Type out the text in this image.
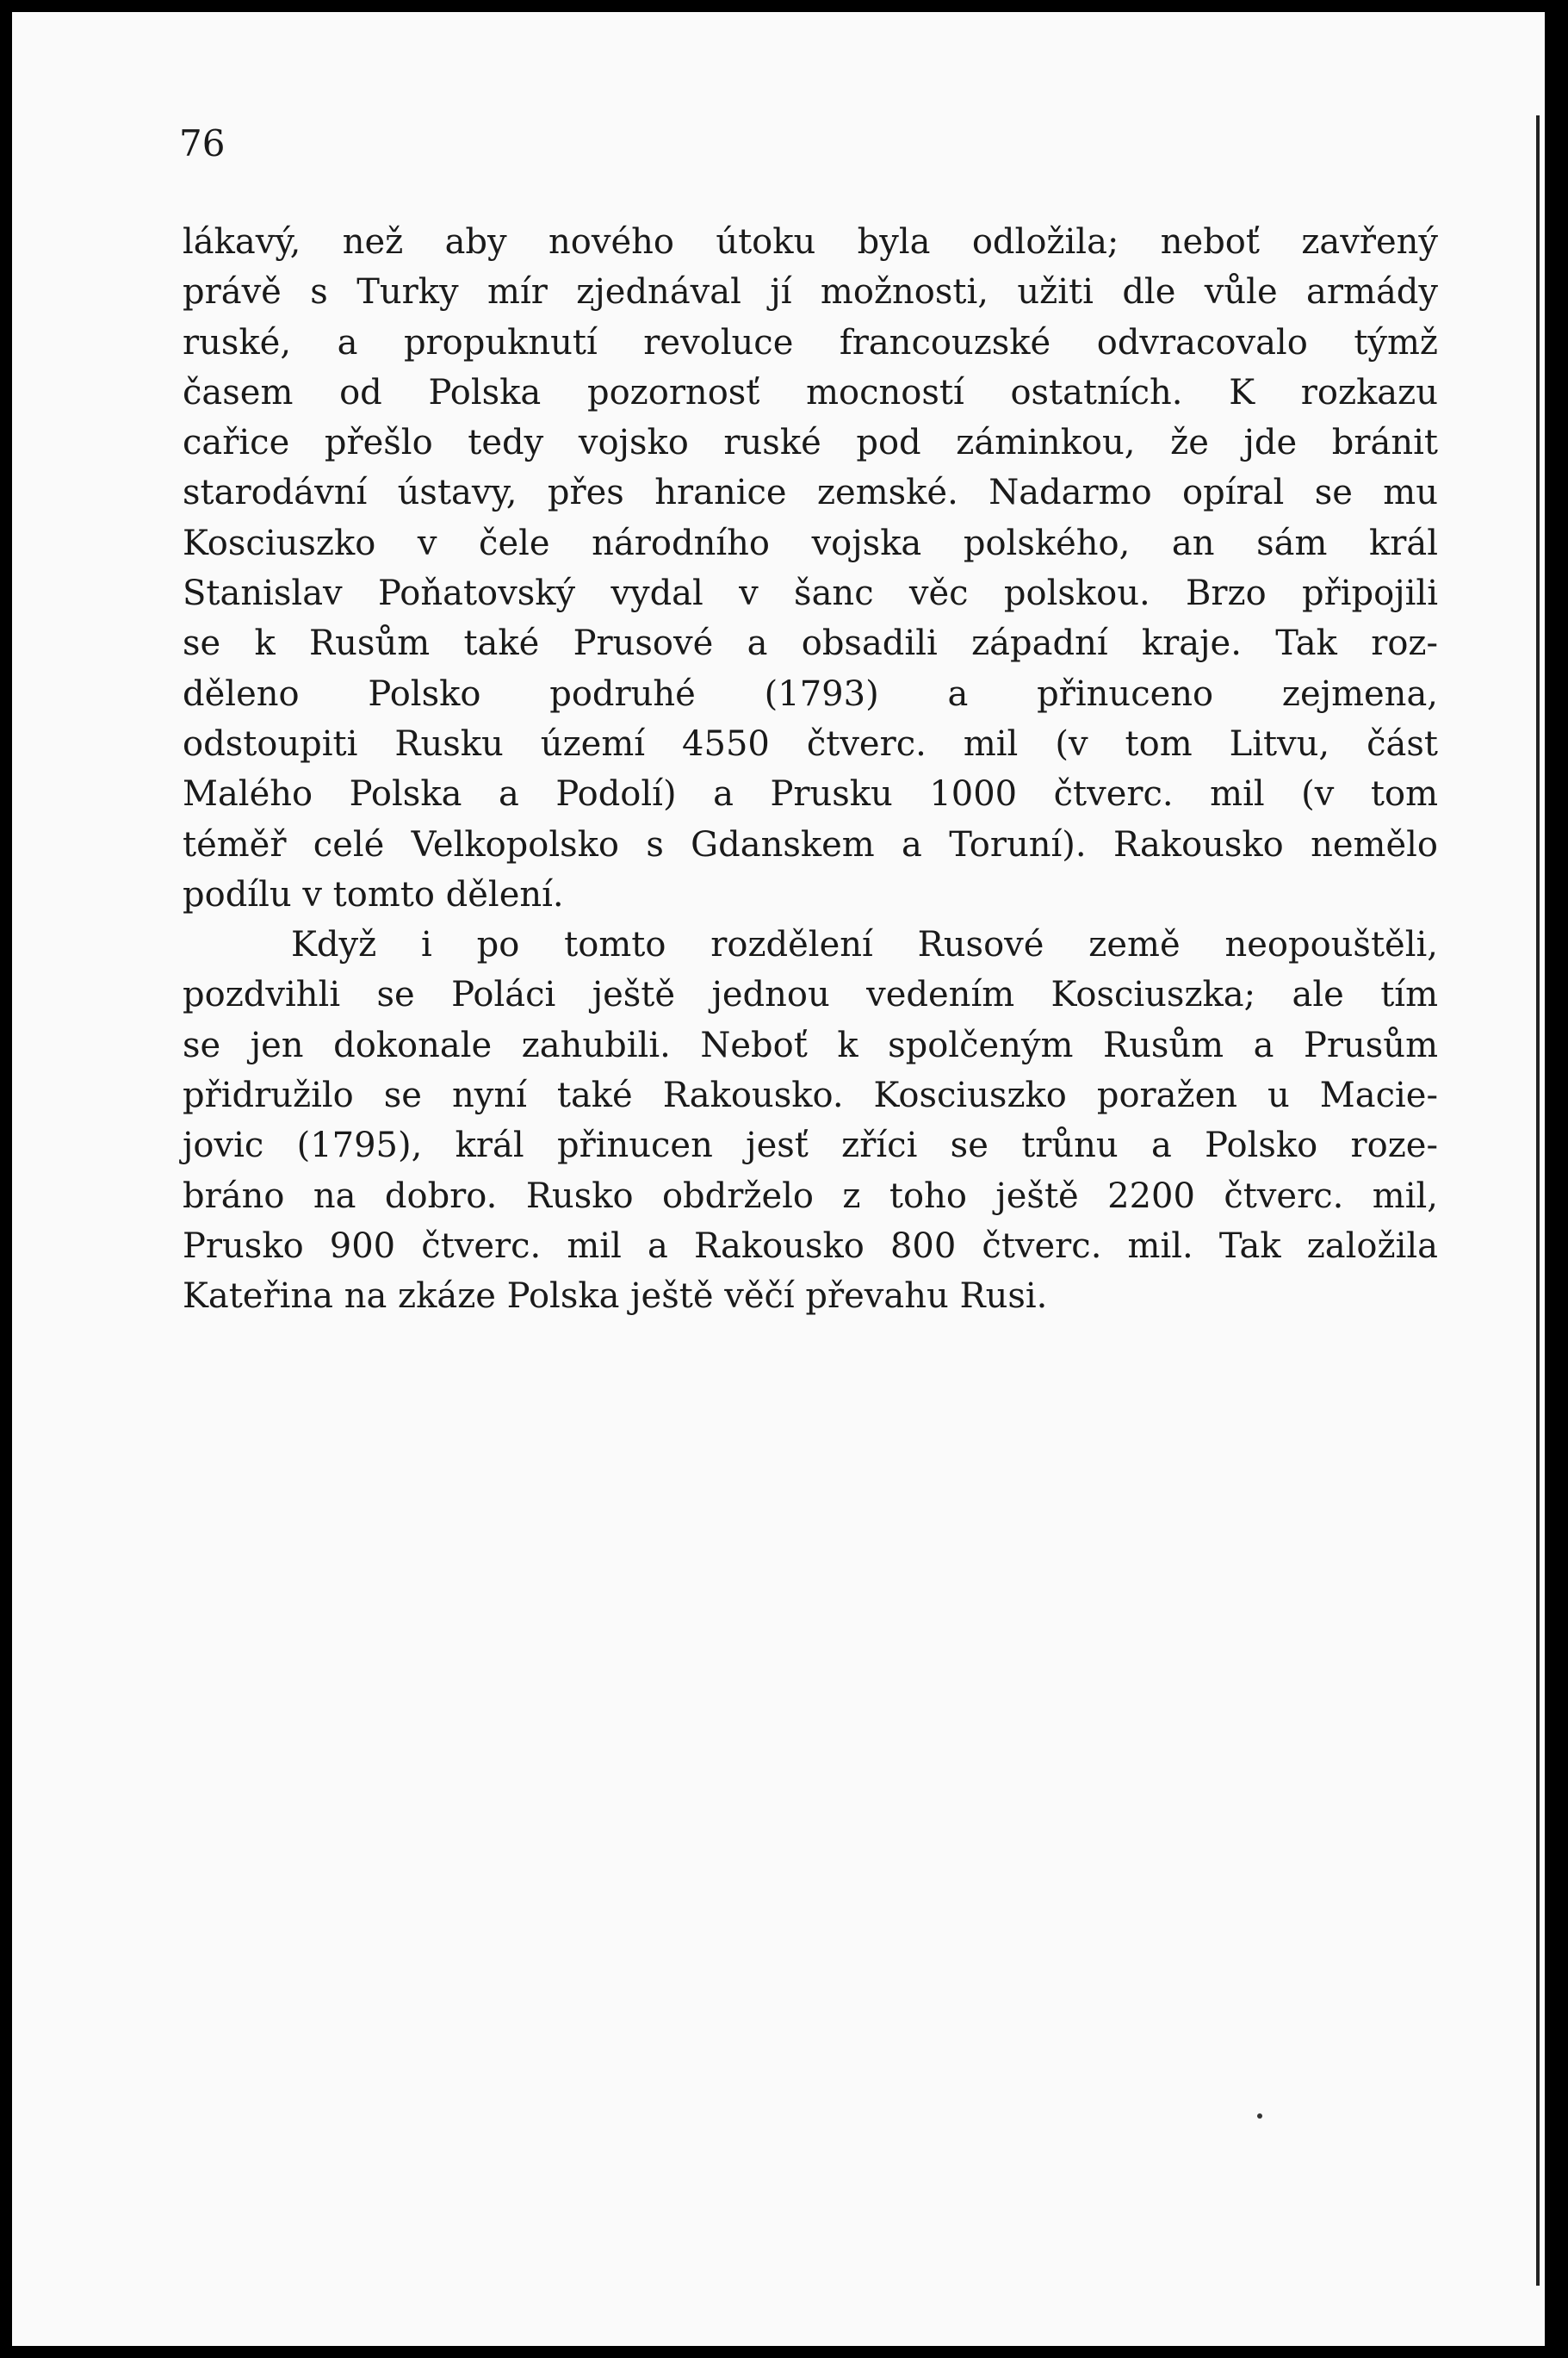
76

lákavý, než aby nového útoku byla odložila; neboť zavřený
právě s Turky mír zjednával jí možnosti, užiti dle vůle armády
ruské, a propuknutí revoluce francouzské odvracovalo týmž
časem od Polska pozornosť mocností ostatních. K rozkazu
cařice přešlo tedy vojsko ruské pod záminkou, že jde bránit
starodávní ústavy, přes hranice zemské. Nadarmo opíral se mu
Kosciuszko v čele národního vojska polského, an sám král
Stanislav Poňatovský vydal v šanc věc polskou. Brzo připojili
se k Rusům také Prusové a obsadili západní kraje. Tak roz-
děleno Polsko podruhé (1793) a přinuceno zejmena,
odstoupiti Rusku území 4550 čtverc. mil (v tom Litvu, část
Malého Polska a Podolí) a Prusku 1000 čtverc. mil (v tom
téměř celé Velkopolsko s Gdanskem a Toruní). Rakousko nemělo
podílu v tomto dělení.

Když i po tomto rozdělení Rusové země neopouštěli,
pozdvihli se Poláci ještě jednou vedením Kosciuszka; ale tím
se jen dokonale zahubili. Neboť k spolčeným Rusům a Prusům
přidružilo se nyní také Rakousko. Kosciuszko poražen u Macie-
jovic (1795), král přinucen jesť zříci se trůnu a Polsko roze-
bráno na dobro. Rusko obdrželo z toho ještě 2200 čtverc. mil,
Prusko 900 čtverc. mil a Rakousko 800 čtverc. mil. Tak založila
Kateřina na zkáze Polska ještě věčí převahu Rusi.
